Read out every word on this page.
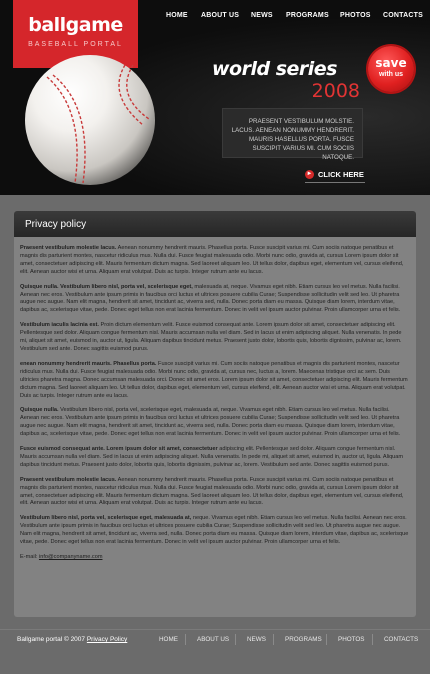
ballgame
BASEBALL PORTAL
HOME ABOUT US NEWS PROGRAMS PHOTOS CONTACTS
world series
2008
save
with us
PRAESENT VESTIBULUM MOLSTIE. LACUS. AENEAN NONUMMY HENDRERIT. MAURIS HASELLUS PORTA. FUSCE SUSCIPIT VARIUS MI. CUM SOCIIS NATOQUE.
► CLICK HERE
Privacy policy

Praesent vestibulum molestie lacus. Aenean nonummy hendrerit mauris. Phasellus porta. Fusce suscipit varius mi. Cum sociis natoque penatibus et magnis dis parturient montes, nascetur ridiculus mus. Nulla dui. Fusce feugiat malesuada odio. Morbi nunc odio, gravida at, cursus Lorem ipsum dolor sit amet, consectetuer adipiscing elit. Mauris fermentum dictum magna. Sed laoreet aliquam leo. Ut tellus dolor, dapibus eget, elementum vel, cursus eleifend, elit. Aenean auctor wisi et urna. Aliquam erat volutpat. Duis ac turpis. Integer rutrum ante eu lacus.

Quisque nulla. Vestibulum libero nisl, porta vel, scelerisque eget, malesuada at, neque. Vivamus eget nibh. Etiam cursus leo vel metus. Nulla facilisi. Aenean nec eros. Vestibulum ante ipsum primis in faucibus orci luctus et ultrices posuere cubilia Curae; Suspendisse sollicitudin velit sed leo. Ut pharetra augue nec augue. Nam elit magna, hendrerit sit amet, tincidunt ac, viverra sed, nulla. Donec porta diam eu massa. Quisque diam lorem, interdum vitae, dapibus ac, scelerisque vitae, pede. Donec eget tellus non erat lacinia fermentum. Donec in velit vel ipsum auctor pulvinar. Proin ullamcorper urna et felis.

Vestibulum iaculis lacinia est. Proin dictum elementum velit. Fusce euismod consequat ante. Lorem ipsum dolor sit amet, consectetuer adipiscing elit. Pellentesque sed dolor. Aliquam congue fermentum nisl. Mauris accumsan nulla vel diam. Sed in lacus ut enim adipiscing aliquet. Nulla venenatis. In pede mi, aliquet sit amet, euismod in, auctor ut, ligula. Aliquam dapibus tincidunt metus. Praesent justo dolor, lobortis quis, lobortis dignissim, pulvinar ac, lorem. Vestibulum sed ante. Donec sagittis euismod purus.

enean nonummy hendrerit mauris. Phasellus porta. Fusce suscipit varius mi. Cum sociis natoque penatibus et magnis dis parturient montes, nascetur ridiculus mus. Nulla dui. Fusce feugiat malesuada odio. Morbi nunc odio, gravida at, cursus nec, luctus a, lorem. Maecenas tristique orci ac sem. Duis ultricies pharetra magna. Donec accumsan malesuada orci. Donec sit amet eros. Lorem ipsum dolor sit amet, consectetuer adipiscing elit. Mauris fermentum dictum magna. Sed laoreet aliquam leo. Ut tellus dolor, dapibus eget, elementum vel, cursus eleifend, elit. Aenean auctor wisi et urna. Aliquam erat volutpat. Duis ac turpis. Integer rutrum ante eu lacus.

Quisque nulla. Vestibulum libero nisl, porta vel, scelerisque eget, malesuada at, neque. Vivamus eget nibh. Etiam cursus leo vel metus. Nulla facilisi. Aenean nec eros. Vestibulum ante ipsum primis in faucibus orci luctus et ultrices posuere cubilia Curae; Suspendisse sollicitudin velit sed leo. Ut pharetra augue nec augue. Nam elit magna, hendrerit sit amet, tincidunt ac, viverra sed, nulla. Donec porta diam eu massa. Quisque diam lorem, interdum vitae, dapibus ac, scelerisque vitae, pede. Donec eget tellus non erat lacinia fermentum. Donec in velit vel ipsum auctor pulvinar. Proin ullamcorper urna et felis.

Fusce euismod consequat ante. Lorem ipsum dolor sit amet, consectetuer adipiscing elit. Pellentesque sed dolor. Aliquam congue fermentum nisl. Mauris accumsan nulla vel diam. Sed in lacus ut enim adipiscing aliquet. Nulla venenatis. In pede mi, aliquet sit amet, euismod in, auctor ut, ligula. Aliquam dapibus tincidunt metus. Praesent justo dolor, lobortis quis, lobortis dignissim, pulvinar ac, lorem. Vestibulum sed ante. Donec sagittis euismod purus.

Praesent vestibulum molestie lacus. Aenean nonummy hendrerit mauris. Phasellus porta. Fusce suscipit varius mi. Cum sociis natoque penatibus et magnis dis parturient montes, nascetur ridiculus mus. Nulla dui. Fusce feugiat malesuada odio. Morbi nunc odio, gravida at, cursus Lorem ipsum dolor sit amet, consectetuer adipiscing elit. Mauris fermentum dictum magna. Sed laoreet aliquam leo. Ut tellus dolor, dapibus eget, elementum vel, cursus eleifend, elit. Aenean auctor wisi et urna. Aliquam erat volutpat. Duis ac turpis. Integer rutrum ante eu lacus.

Vestibulum libero nisl, porta vel, scelerisque eget, malesuada at, neque. Vivamus eget nibh. Etiam cursus leo vel metus. Nulla facilisi. Aenean nec eros. Vestibulum ante ipsum primis in faucibus orci luctus et ultrices posuere cubilia Curae; Suspendisse sollicitudin velit sed leo. Ut pharetra augue nec augue. Nam elit magna, hendrerit sit amet, tincidunt ac, viverra sed, nulla. Donec porta diam eu massa. Quisque diam lorem, interdum vitae, dapibus ac, scelerisque vitae, pede. Donec eget tellus non erat lacinia fermentum. Donec in velit vel ipsum auctor pulvinar. Proin ullamcorper urna et felis.

E-mail: info@companyname.com

Ballgame portal © 2007 Privacy Policy	HOME	ABOUT US	NEWS	PROGRAMS	PHOTOS	CONTACTS
